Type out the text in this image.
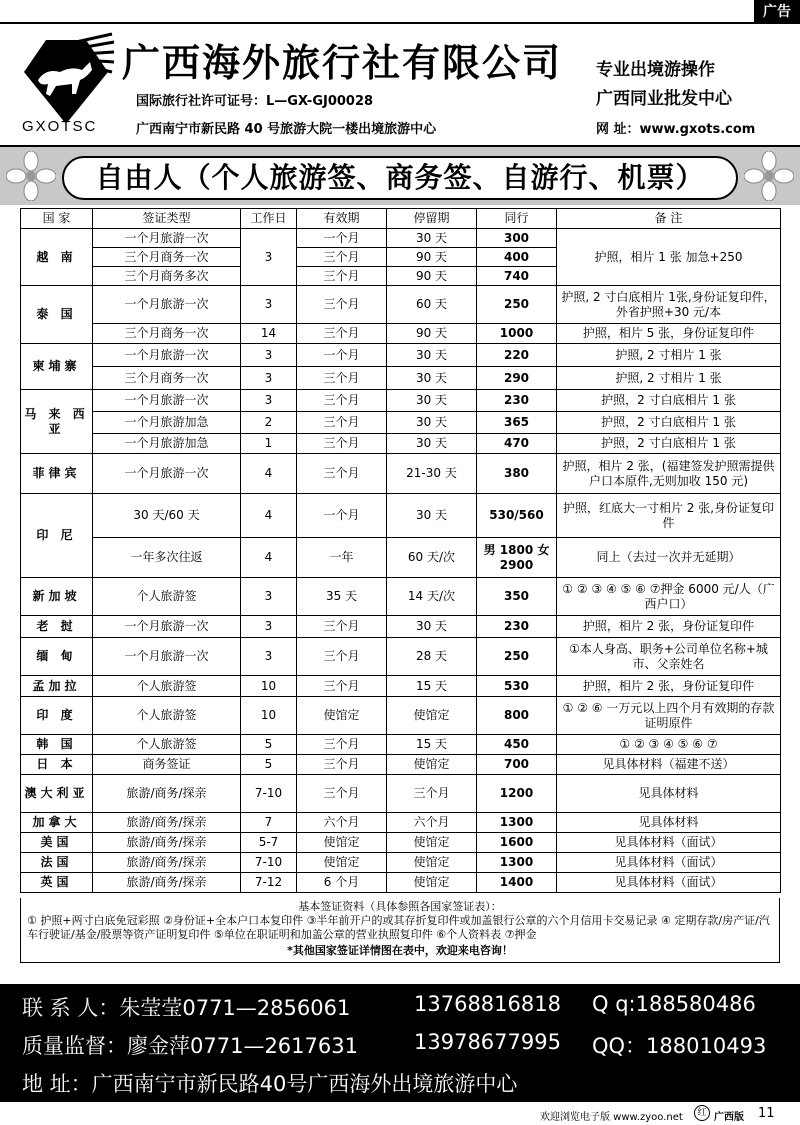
广告
GXOTSC
广西海外旅行社有限公司
国际旅行社许可证号：L—GX-GJ00028
广西南宁市新民路 40 号旅游大院一楼出境旅游中心
专业出境游操作
广西同业批发中心
网 址：www.gxots.com
自由人（个人旅游签、商务签、自游行、机票）
国 家	签证类型	工作日	有效期	停留期	同行	备 注
越 南	一个月旅游一次	3	一个月	30 天	300	护照，相片 1 张 加急+250
	三个月商务一次		三个月	90 天	400	
	三个月商务多次		三个月	90 天	740	
泰 国	一个月旅游一次	3	三个月	60 天	250	护照, 2 寸白底相片 1张,身份证复印件，外省护照+30 元/本
	三个月商务一次	14	三个月	90 天	1000	护照，相片 5 张，身份证复印件
柬埔寨	一个月旅游一次	3	一个月	30 天	220	护照, 2 寸相片 1 张
	三个月商务一次	3	三个月	30 天	290	护照, 2 寸相片 1 张
马 来 西 亚	一个月旅游一次	3	三个月	30 天	230	护照，2 寸白底相片 1 张
	一个月旅游加急	2	三个月	30 天	365	护照，2 寸白底相片 1 张
	一个月旅游加急	1	三个月	30 天	470	护照，2 寸白底相片 1 张
菲律宾	一个月旅游一次	4	三个月	21-30 天	380	护照，相片 2 张，(福建签发护照需提供户口本原件,无则加收 150 元)
印 尼	30 天/60 天	4	一个月	30 天	530/560	护照，红底大一寸相片 2 张,身份证复印件
	一年多次往返	4	一年	60 天/次	男 1800 女 2900	同上（去过一次并无延期）
新加坡	个人旅游签	3	35 天	14 天/次	350	① ② ③ ④ ⑤ ⑥ ⑦押金 6000 元/人（广西户口）
老 挝	一个月旅游一次	3	三个月	30 天	230	护照，相片 2 张，身份证复印件
缅 甸	一个月旅游一次	3	三个月	28 天	250	①本人身高、职务+公司单位名称+城市、父亲姓名
孟加拉	个人旅游签	10	三个月	15 天	530	护照，相片 2 张，身份证复印件
印 度	个人旅游签	10	使馆定	使馆定	800	① ② ⑥ 一万元以上四个月有效期的存款证明原件
韩 国	个人旅游签	5	三个月	15 天	450	① ② ③ ④ ⑤ ⑥ ⑦
日 本	商务签证	5	三个月	使馆定	700	见具体材料（福建不送）
澳大利亚	旅游/商务/探亲	7-10	三个月	三个月	1200	见具体材料
加拿大	旅游/商务/探亲	7	六个月	六个月	1300	见具体材料
美国	旅游/商务/探亲	5-7	使馆定	使馆定	1600	见具体材料（面试）
法国	旅游/商务/探亲	7-10	使馆定	使馆定	1300	见具体材料（面试）
英国	旅游/商务/探亲	7-12	6 个月	使馆定	1400	见具体材料（面试）
基本签证资料（具体参照各国家签证表）：
① 护照+两寸白底免冠彩照 ②身份证+全本户口本复印件 ③半年前开户的或其存折复印件或加盖银行公章的六个月信用卡交易记录 ④ 定期存款/房产证/汽车行驶证/基金/股票等资产证明复印件 ⑤单位在职证明和加盖公章的营业执照复印件 ⑥个人资料表 ⑦押金
*其他国家签证详情图在表中，欢迎来电咨询！
联 系 人：朱莹莹0771—2856061	13768816818 Q q:188580486
质量监督：廖金萍0771—2617631	13978677995 QQ：188010493
地 址：广西南宁市新民路40号广西海外出境旅游中心
欢迎浏览电子版 www.zyoo.net	红 广西版 11
